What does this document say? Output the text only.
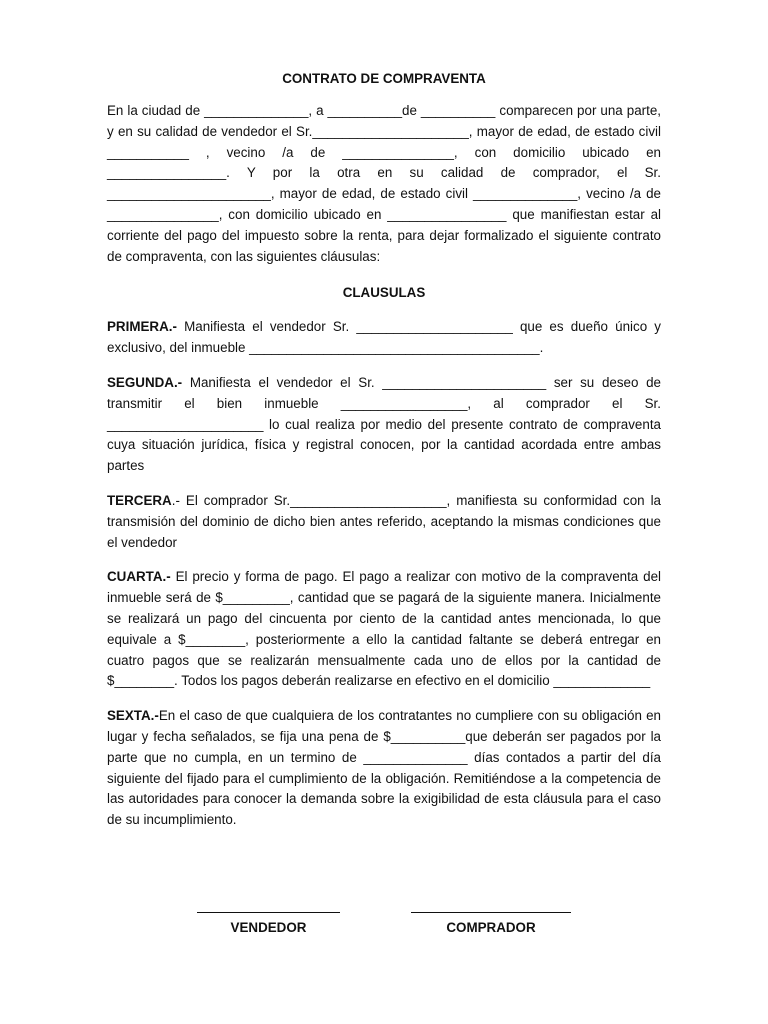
CONTRATO DE COMPRAVENTA

En la ciudad de ______________, a __________de __________ comparecen por una parte, y en su calidad de vendedor el Sr._____________________, mayor de edad, de estado civil ___________ , vecino /a de _______________, con domicilio ubicado en ________________. Y por la otra en su calidad de comprador, el Sr. ______________________, mayor de edad, de estado civil ______________, vecino /a de _______________, con domicilio ubicado en ________________ que manifiestan estar al corriente del pago del impuesto sobre la renta, para dejar formalizado el siguiente contrato de compraventa, con las siguientes cláusulas:

CLAUSULAS

PRIMERA.- Manifiesta el vendedor Sr. _____________________ que es dueño único y exclusivo, del inmueble _______________________________________.

SEGUNDA.- Manifiesta el vendedor el Sr. ______________________ ser su deseo de transmitir el bien inmueble _________________, al comprador el Sr. _____________________ lo cual realiza por medio del presente contrato de compraventa cuya situación jurídica, física y registral conocen, por la cantidad acordada entre ambas partes

TERCERA.- El comprador Sr._____________________, manifiesta su conformidad con la transmisión del dominio de dicho bien antes referido, aceptando la mismas condiciones que el vendedor

CUARTA.- El precio y forma de pago. El pago a realizar con motivo de la compraventa del inmueble será de $_________, cantidad que se pagará de la siguiente manera. Inicialmente se realizará un pago del cincuenta por ciento de la cantidad antes mencionada, lo que equivale a $________, posteriormente a ello la cantidad faltante se deberá entregar en cuatro pagos que se realizarán mensualmente cada uno de ellos por la cantidad de $________. Todos los pagos deberán realizarse en efectivo en el domicilio _____________

SEXTA.-En el caso de que cualquiera de los contratantes no cumpliere con su obligación en lugar y fecha señalados, se fija una pena de $__________que deberán ser pagados por la parte que no cumpla, en un termino de ______________ días contados a partir del día siguiente del fijado para el cumplimiento de la obligación. Remitiéndose a la competencia de las autoridades para conocer la demanda sobre la exigibilidad de esta cláusula para el caso de su incumplimiento.

VENDEDOR	COMPRADOR
